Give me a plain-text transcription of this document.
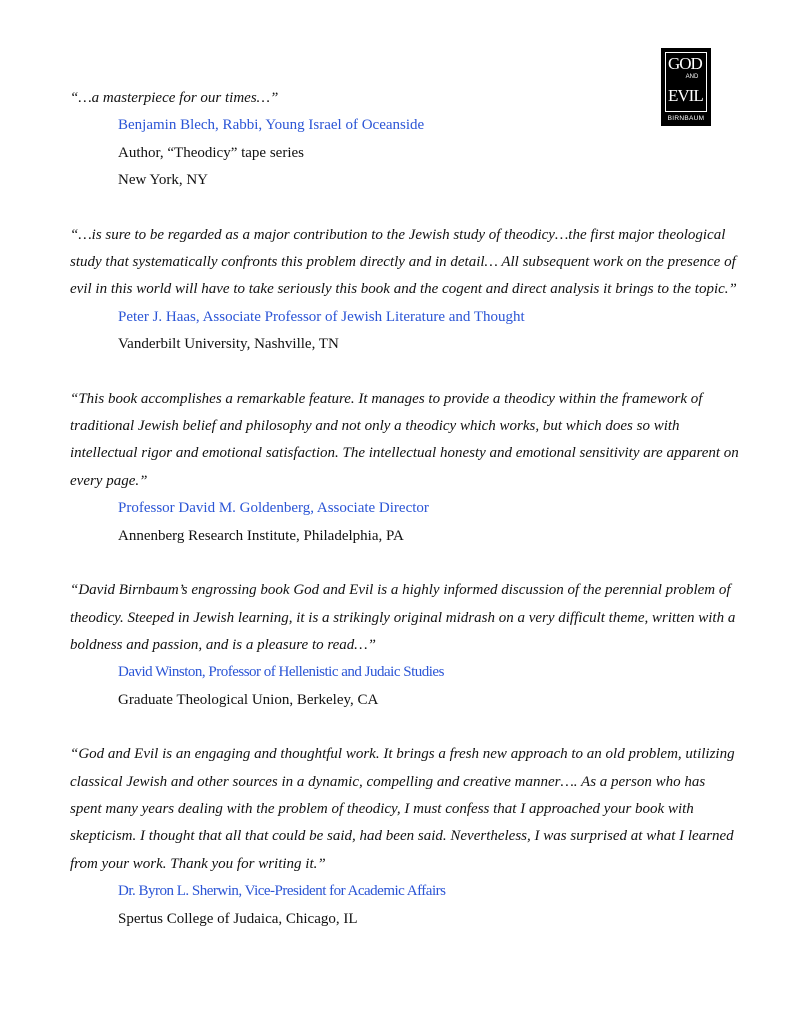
GOD
AND
EVIL
BIRNBAUM

“…a masterpiece for our times…”

Benjamin Blech, Rabbi, Young Israel of Oceanside

Author, “Theodicy” tape series

New York, NY

“…is sure to be regarded as a major contribution to the Jewish study of theodicy…the first major theological study that systematically confronts this problem directly and in detail… All subsequent work on the presence of evil in this world will have to take seriously this book and the cogent and direct analysis it brings to the topic.”

Peter J. Haas, Associate Professor of Jewish Literature and Thought

Vanderbilt University, Nashville, TN

“This book accomplishes a remarkable feature. It manages to provide a theodicy within the framework of traditional Jewish belief and philosophy and not only a theodicy which works, but which does so with intellectual rigor and emotional satisfaction. The intellectual honesty and emotional sensitivity are apparent on every page.”

Professor David M. Goldenberg, Associate Director

Annenberg Research Institute, Philadelphia, PA

“David Birnbaum’s engrossing book God and Evil is a highly informed discussion of the perennial problem of theodicy. Steeped in Jewish learning, it is a strikingly original midrash on a very difficult theme, written with a boldness and passion, and is a pleasure to read…”

David Winston, Professor of Hellenistic and Judaic Studies

Graduate Theological Union, Berkeley, CA

“God and Evil is an engaging and thoughtful work. It brings a fresh new approach to an old problem, utilizing classical Jewish and other sources in a dynamic, compelling and creative manner…. As a person who has spent many years dealing with the problem of theodicy, I must confess that I approached your book with skepticism. I thought that all that could be said, had been said. Nevertheless, I was surprised at what I learned from your work. Thank you for writing it.”

Dr. Byron L. Sherwin, Vice-President for Academic Affairs

Spertus College of Judaica, Chicago, IL
